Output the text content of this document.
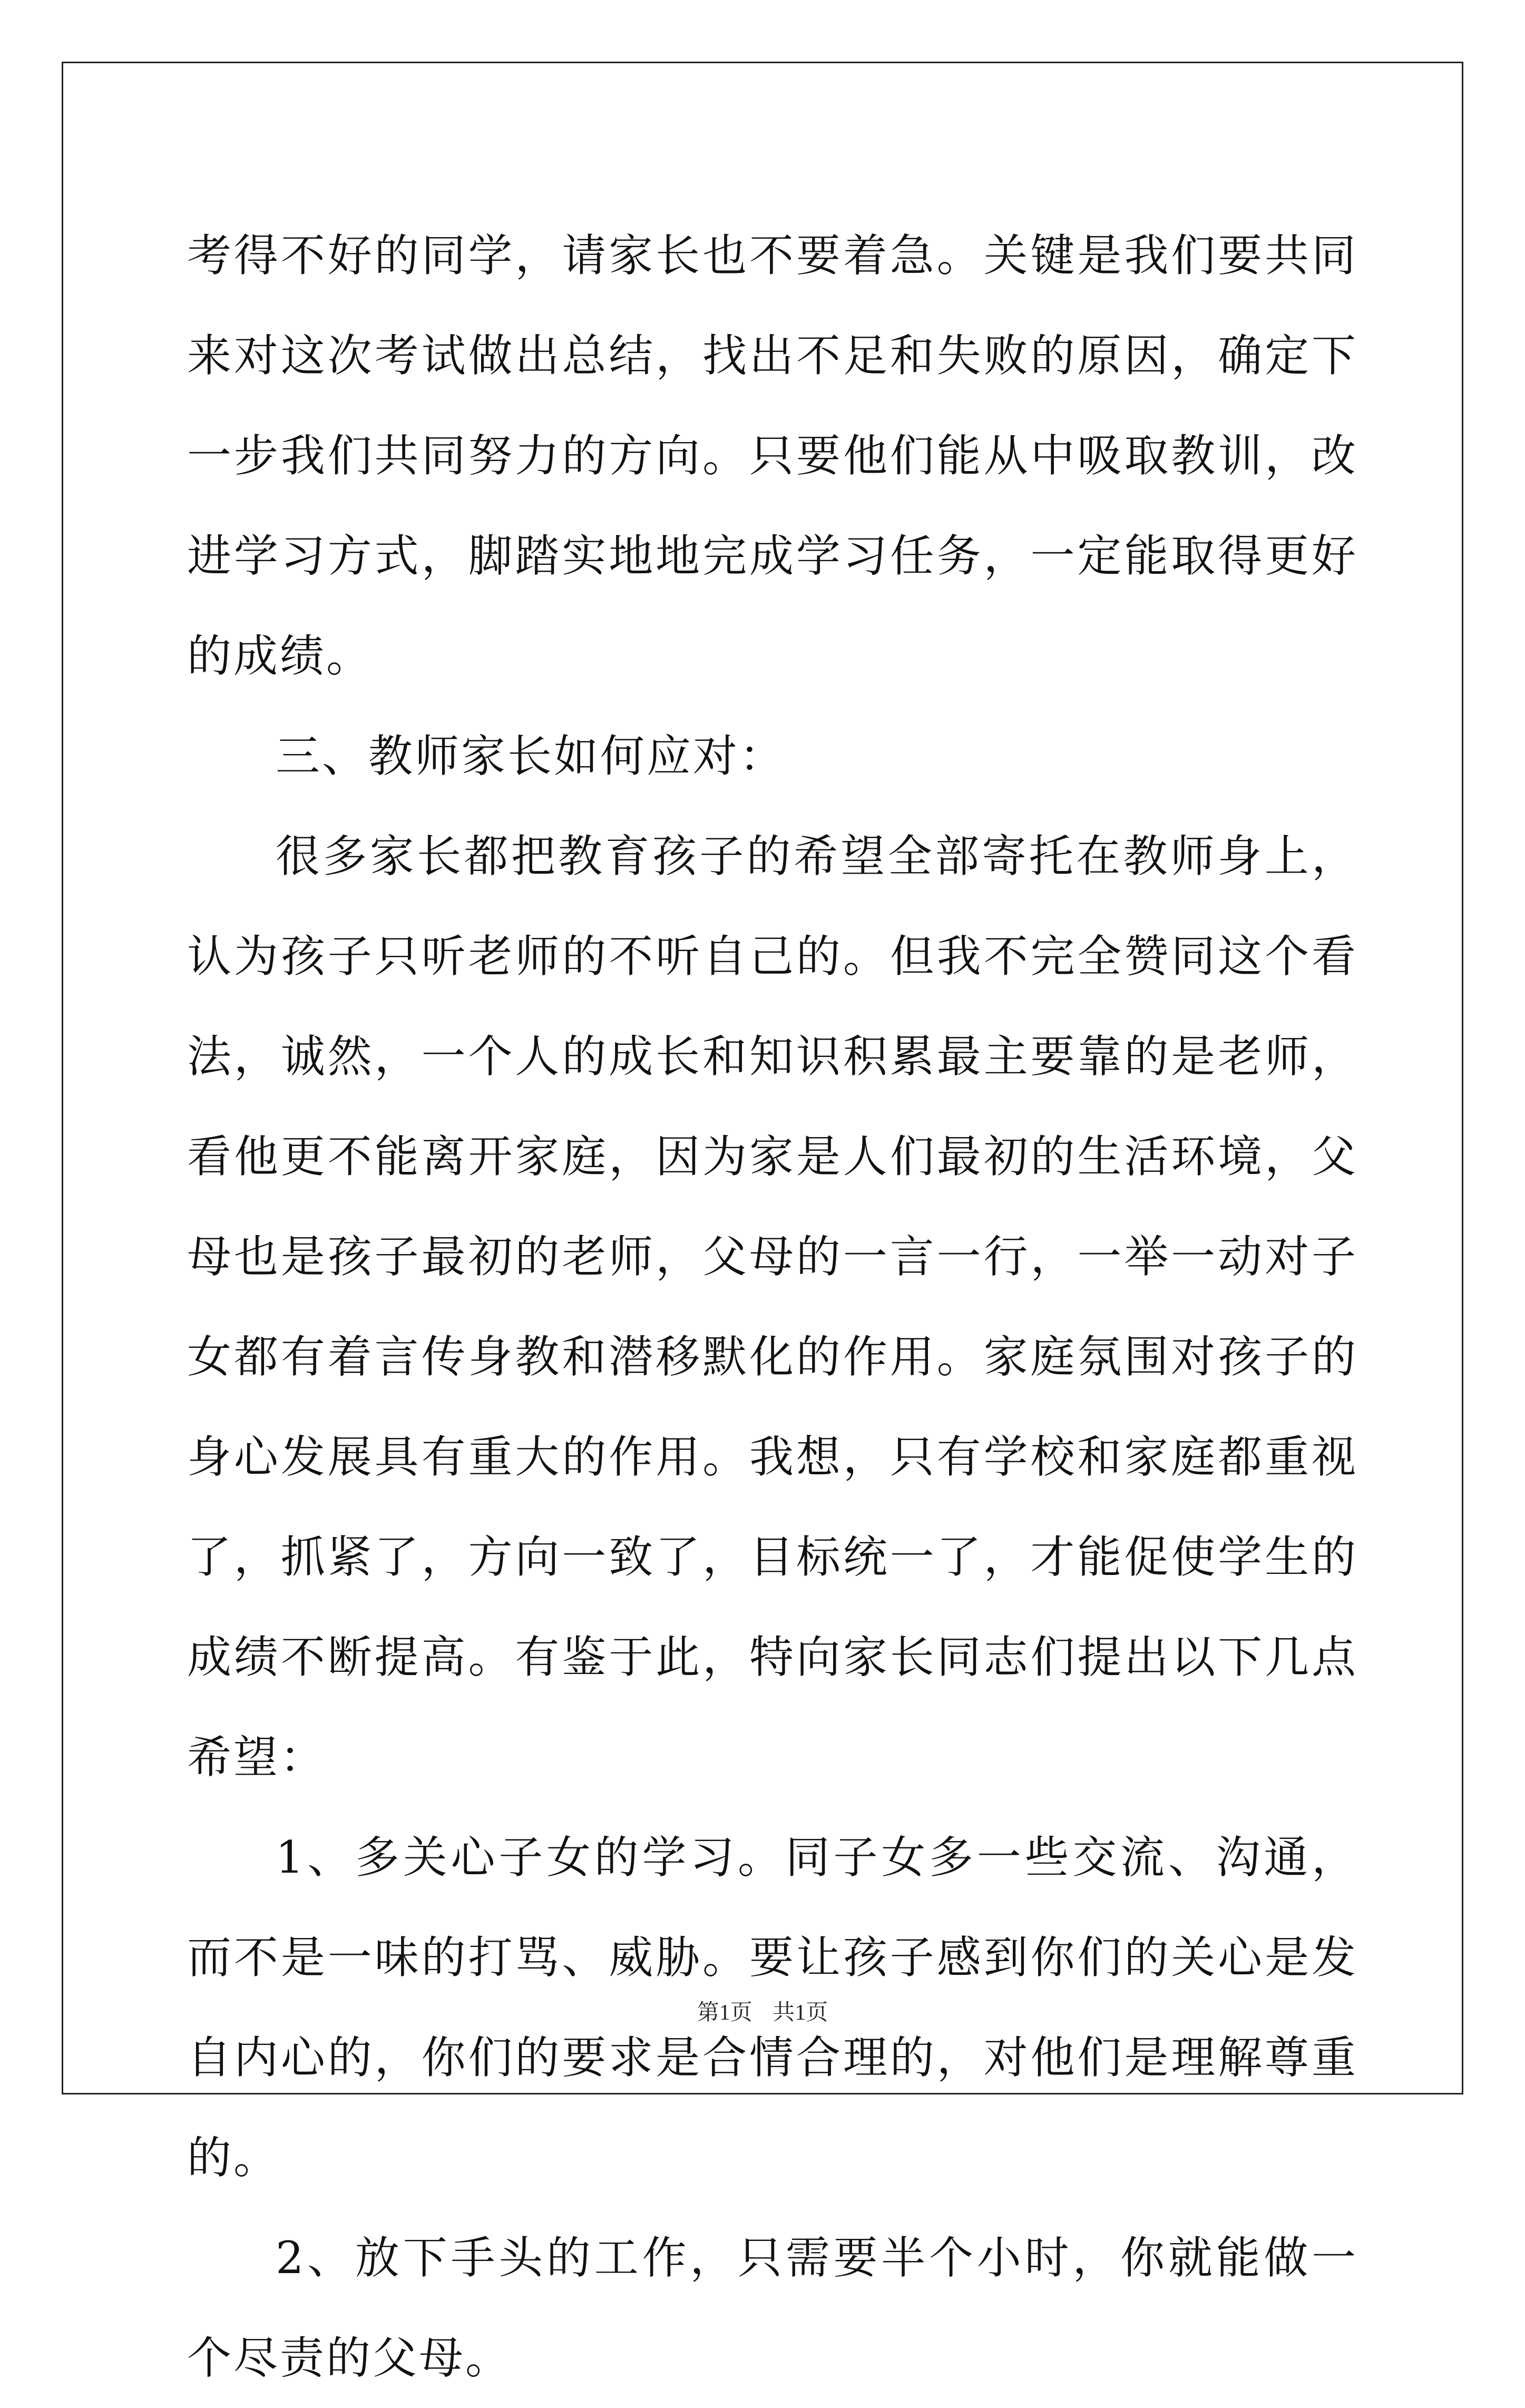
考得不好的同学，请家长也不要着急。关键是我们要共同来对这次考试做出总结，找出不足和失败的原因，确定下一步我们共同努力的方向。只要他们能从中吸取教训，改进学习方式，脚踏实地地完成学习任务，一定能取得更好的成绩。

三、教师家长如何应对：

很多家长都把教育孩子的希望全部寄托在教师身上，认为孩子只听老师的不听自己的。但我不完全赞同这个看法，诚然，一个人的成长和知识积累最主要靠的是老师，看他更不能离开家庭，因为家是人们最初的生活环境，父母也是孩子最初的老师，父母的一言一行，一举一动对子女都有着言传身教和潜移默化的作用。家庭氛围对孩子的身心发展具有重大的作用。我想，只有学校和家庭都重视了，抓紧了，方向一致了，目标统一了，才能促使学生的成绩不断提高。有鉴于此，特向家长同志们提出以下几点希望：

1、多关心子女的学习。同子女多一些交流、沟通，而不是一味的打骂、威胁。要让孩子感到你们的关心是发自内心的，你们的要求是合情合理的，对他们是理解尊重的。

2、放下手头的工作，只需要半个小时，你就能做一个尽责的父母。

第1页 共1页
